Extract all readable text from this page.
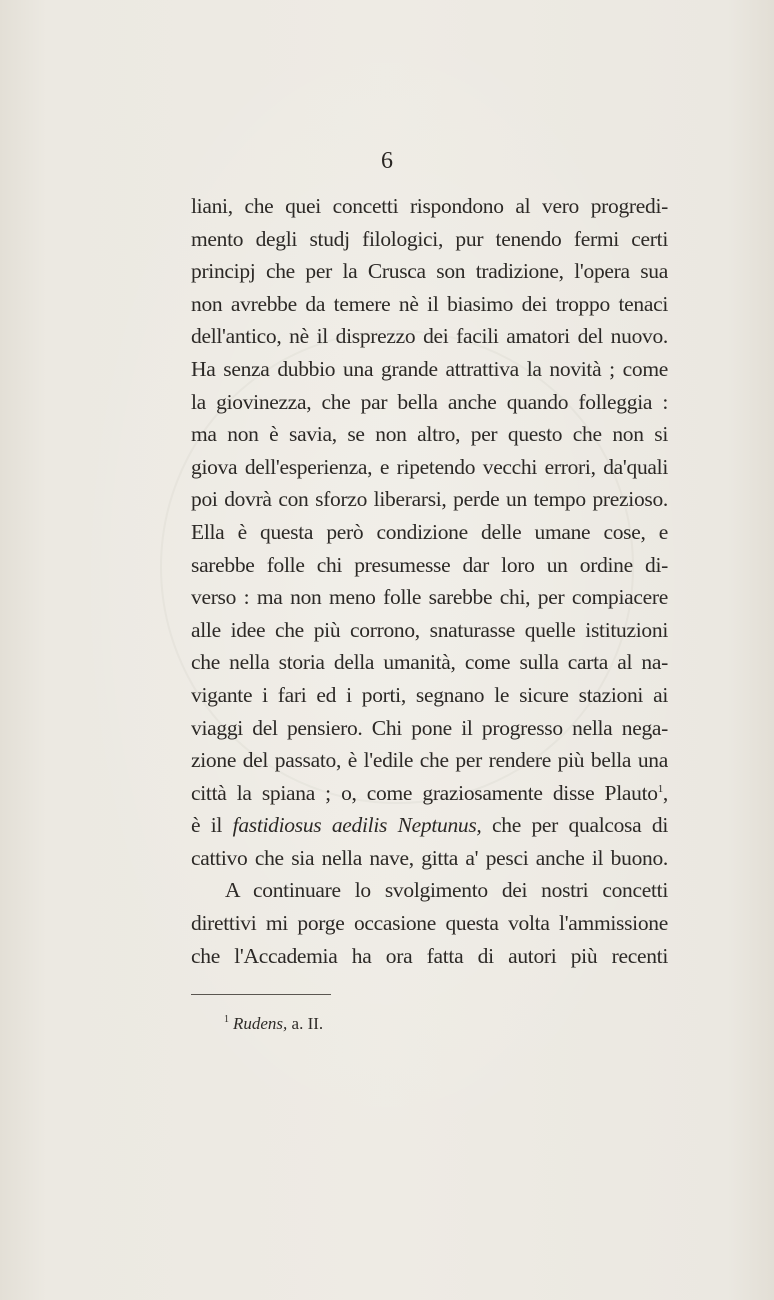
6
liani, che quei concetti rispondono al vero progredi-
mento degli studj filologici, pur tenendo fermi certi
principj che per la Crusca son tradizione, l'opera sua
non avrebbe da temere nè il biasimo dei troppo tenaci
dell'antico, nè il disprezzo dei facili amatori del nuovo.
Ha senza dubbio una grande attrattiva la novità ; come
la giovinezza, che par bella anche quando folleggia :
ma non è savia, se non altro, per questo che non si
giova dell'esperienza, e ripetendo vecchi errori, da'quali
poi dovrà con sforzo liberarsi, perde un tempo prezioso.
Ella è questa però condizione delle umane cose, e
sarebbe folle chi presumesse dar loro un ordine di-
verso : ma non meno folle sarebbe chi, per compiacere
alle idee che più corrono, snaturasse quelle istituzioni
che nella storia della umanità, come sulla carta al na-
vigante i fari ed i porti, segnano le sicure stazioni ai
viaggi del pensiero. Chi pone il progresso nella nega-
zione del passato, è l'edile che per rendere più bella una
città la spiana ; o, come graziosamente disse Plauto$^1$,
è il fastidiosus aedilis Neptunus, che per qualcosa di
cattivo che sia nella nave, gitta a' pesci anche il buono.
A continuare lo svolgimento dei nostri concetti
direttivi mi porge occasione questa volta l'ammissione
che l'Accademia ha ora fatta di autori più recenti
$^1$ Rudens, a. II.
